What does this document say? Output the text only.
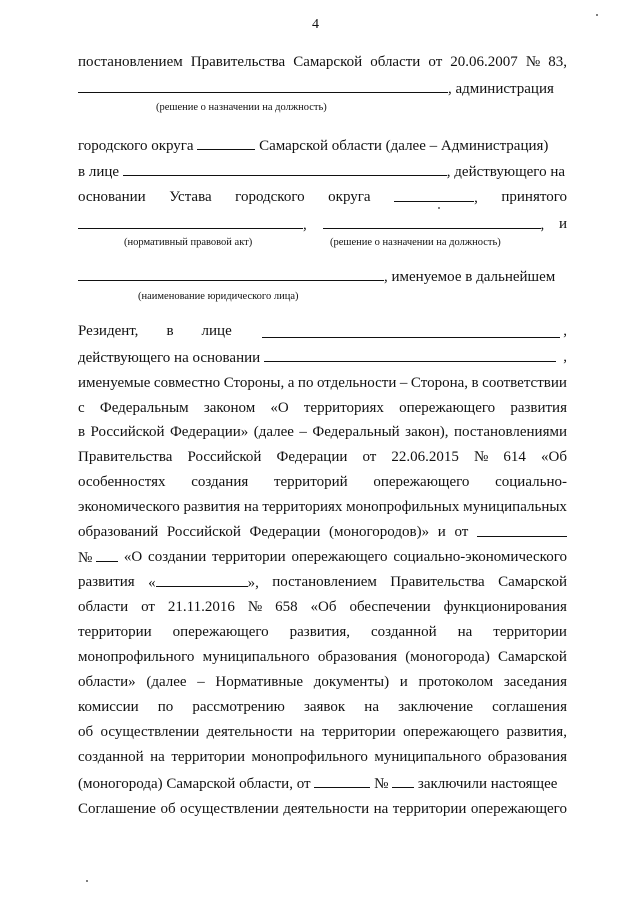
4
постановлением Правительства Самарской области от 20.06.2007 № 83,
, администрация
(решение о назначении на должность)
городского округа	Самарской области (далее – Администрация)
в лице	, действующего на
основании Устава городского округа	, принятого
,	, и
(нормативный правовой акт)	(решение о назначении на должность)
, именуемое в дальнейшем
(наименование юридического лица)
Резидент, в лице	,
действующего на основании	,
именуемые совместно Стороны, а по отдельности – Сторона, в соответствии
с Федеральным законом «О территориях опережающего развития
в Российской Федерации» (далее – Федеральный закон), постановлениями
Правительства Российской Федерации от 22.06.2015 № 614 «Об
особенностях создания территорий опережающего социально-
экономического развития на территориях монопрофильных муниципальных
образований Российской Федерации (моногородов)» и от
№	«О создании территории опережающего социально-экономического
развития «	», постановлением Правительства Самарской
области от 21.11.2016 № 658 «Об обеспечении функционирования
территории опережающего развития, созданной на территории
монопрофильного муниципального образования (моногорода) Самарской
области» (далее – Нормативные документы) и протоколом заседания
комиссии по рассмотрению заявок на заключение соглашения
об осуществлении деятельности на территории опережающего развития,
созданной на территории монопрофильного муниципального образования
(моногорода) Самарской области, от	№ заключили настоящее
Соглашение об осуществлении деятельности на территории опережающего
